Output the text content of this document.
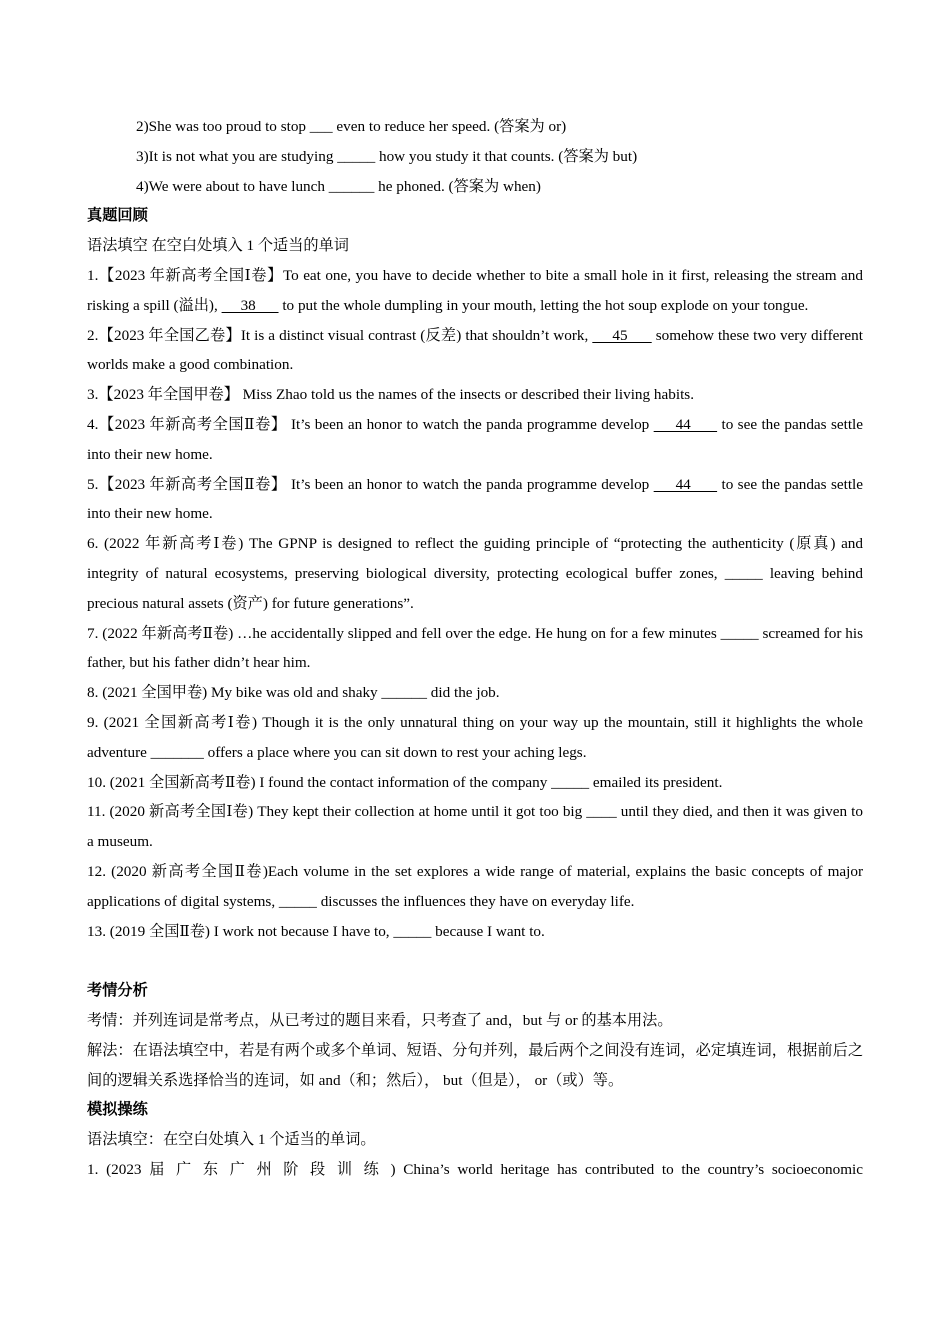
2)She was too proud to stop ___ even to reduce her speed. (答案为 or)
3)It is not what you are studying _____ how you study it that counts. (答案为 but)
4)We were about to have lunch ______ he phoned. (答案为 when)
真题回顾
语法填空 在空白处填入 1 个适当的单词
1.【2023 年新高考全国Ⅰ卷】To eat one, you have to decide whether to bite a small hole in it first, releasing the stream and risking a spill (溢出),      38       to put the whole dumpling in your mouth, letting the hot soup explode on your tongue.
2.【2023 年全国乙卷】It is a distinct visual contrast (反差) that shouldn’t work,      45       somehow these two very different worlds make a good combination.
3.【2023 年全国甲卷】 Miss Zhao told us the names of the insects or described their living habits.
4.【2023 年新高考全国Ⅱ卷】 It’s been an honor to watch the panda programme develop      44       to see the pandas settle into their new home.
5.【2023 年新高考全国Ⅱ卷】 It’s been an honor to watch the panda programme develop      44       to see the pandas settle into their new home.
6. (2022 年新高考Ⅰ卷) The GPNP is designed to reflect the guiding principle of “protecting the authenticity (原真) and integrity of natural ecosystems, preserving biological diversity, protecting ecological buffer zones, _____ leaving behind precious natural assets (资产) for future generations”.
7. (2022 年新高考Ⅱ卷) …he accidentally slipped and fell over the edge. He hung on for a few minutes _____ screamed for his father, but his father didn’t hear him.
8. (2021 全国甲卷) My bike was old and shaky ______ did the job.
9. (2021 全国新高考Ⅰ卷) Though it is the only unnatural thing on your way up the mountain, still it highlights the whole adventure _______ offers a place where you can sit down to rest your aching legs.
10. (2021 全国新高考Ⅱ卷) I found the contact information of the company _____ emailed its president.
11. (2020 新高考全国Ⅰ卷) They kept their collection at home until it got too big ____ until they died, and then it was given to a museum.
12. (2020 新高考全国Ⅱ卷)Each volume in the set explores a wide range of material, explains the basic concepts of major applications of digital systems, _____ discusses the influences they have on everyday life.
13. (2019 全国Ⅱ卷) I work not because I have to, _____ because I want to.
考情分析
考情：并列连词是常考点，从已考过的题目来看，只考查了 and，but 与 or 的基本用法。
解法：在语法填空中，若是有两个或多个单词、短语、分句并列，最后两个之间没有连词，必定填连词，根据前后之间的逻辑关系选择恰当的连词，如 and（和；然后）， but（但是）， or（或）等。
模拟操练
语法填空：在空白处填入 1 个适当的单词。
1. (2023 届 广 东 广 州 阶 段 训 练 ) China’s world heritage has contributed to the country’s socioeconomic
